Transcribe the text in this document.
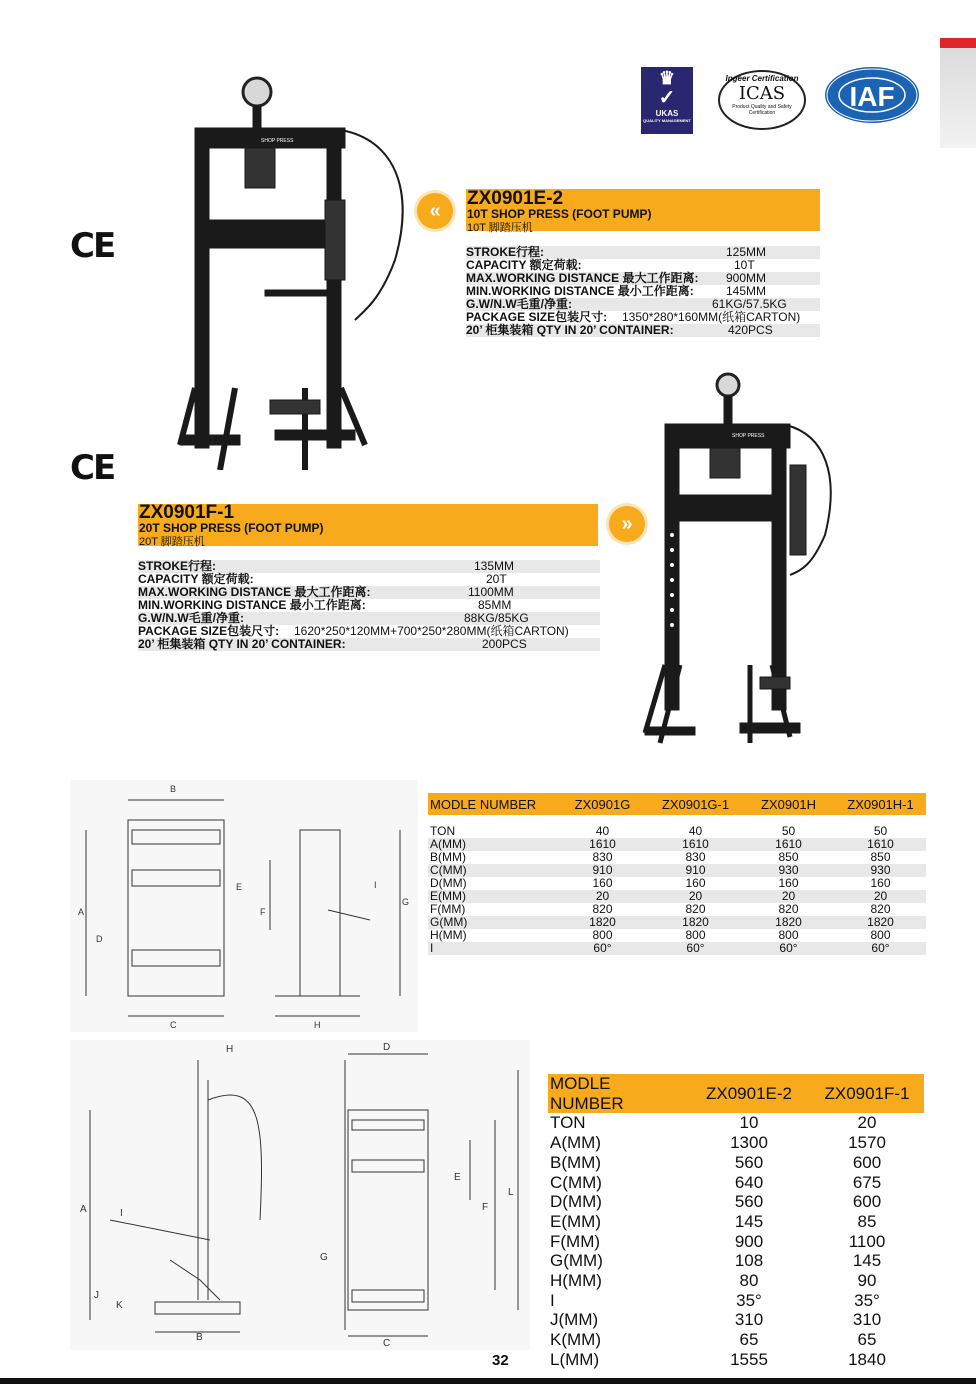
♛
✓
UKAS
QUALITY MANAGEMENT
Ingeer Certification
ICAS
Product Quality and Safety Certification
IAF
CE
CE
SHOP PRESS
«
ZX0901E-2
10T SHOP PRESS (FOOT PUMP)
10T 脚踏压机
STROKE行程:	125MM
CAPACITY 额定荷载:	10T
MAX.WORKING DISTANCE 最大工作距离: 900MM
MIN.WORKING DISTANCE 最小工作距离:	145MM
G.W/N.W毛重/净重:	61KG/57.5KG
PACKAGE SIZE包装尺寸: 1350*280*160MM(纸箱CARTON)
20’ 柜集装箱 QTY IN 20’ CONTAINER:	420PCS
SHOP PRESS
ZX0901F-1
20T SHOP PRESS (FOOT PUMP)
20T 脚踏压机
»
STROKE行程:	135MM
CAPACITY 额定荷载:	20T
MAX.WORKING DISTANCE 最大工作距离:	1100MM
MIN.WORKING DISTANCE 最小工作距离:	85MM
G.W/N.W毛重/净重:	88KG/85KG
PACKAGE SIZE包装尺寸: 1620*250*120MM+700*250*280MM(纸箱CARTON)
20’ 柜集装箱 QTY IN 20’ CONTAINER:	200PCS
B
A
C
D
E
F
G
H
I
MODLE NUMBER	ZX0901G	ZX0901G-1	ZX0901H	ZX0901H-1

TON	40	40	50	50
A(MM)	1610	1610	1610	1610
B(MM)	830	830	850	850
C(MM)	910	910	930	930
D(MM)	160	160	160	160
E(MM)	20	20	20	20
F(MM)	820	820	820	820
G(MM)	1820	1820	1820	1820
H(MM)	800	800	800	800
I	60°	60°	60°	60°
H
A
B
I
J
K
D
E
F
G
L
C
MODLE NUMBER	ZX0901E-2	ZX0901F-1
TON	10	20
A(MM)	1300	1570
B(MM)	560	600
C(MM)	640	675
D(MM)	560	600
E(MM)	145	85
F(MM)	900	1100
G(MM)	108	145
H(MM)	80	90
I	35°	35°
J(MM)	310	310
K(MM)	65	65
L(MM)	1555	1840
32
